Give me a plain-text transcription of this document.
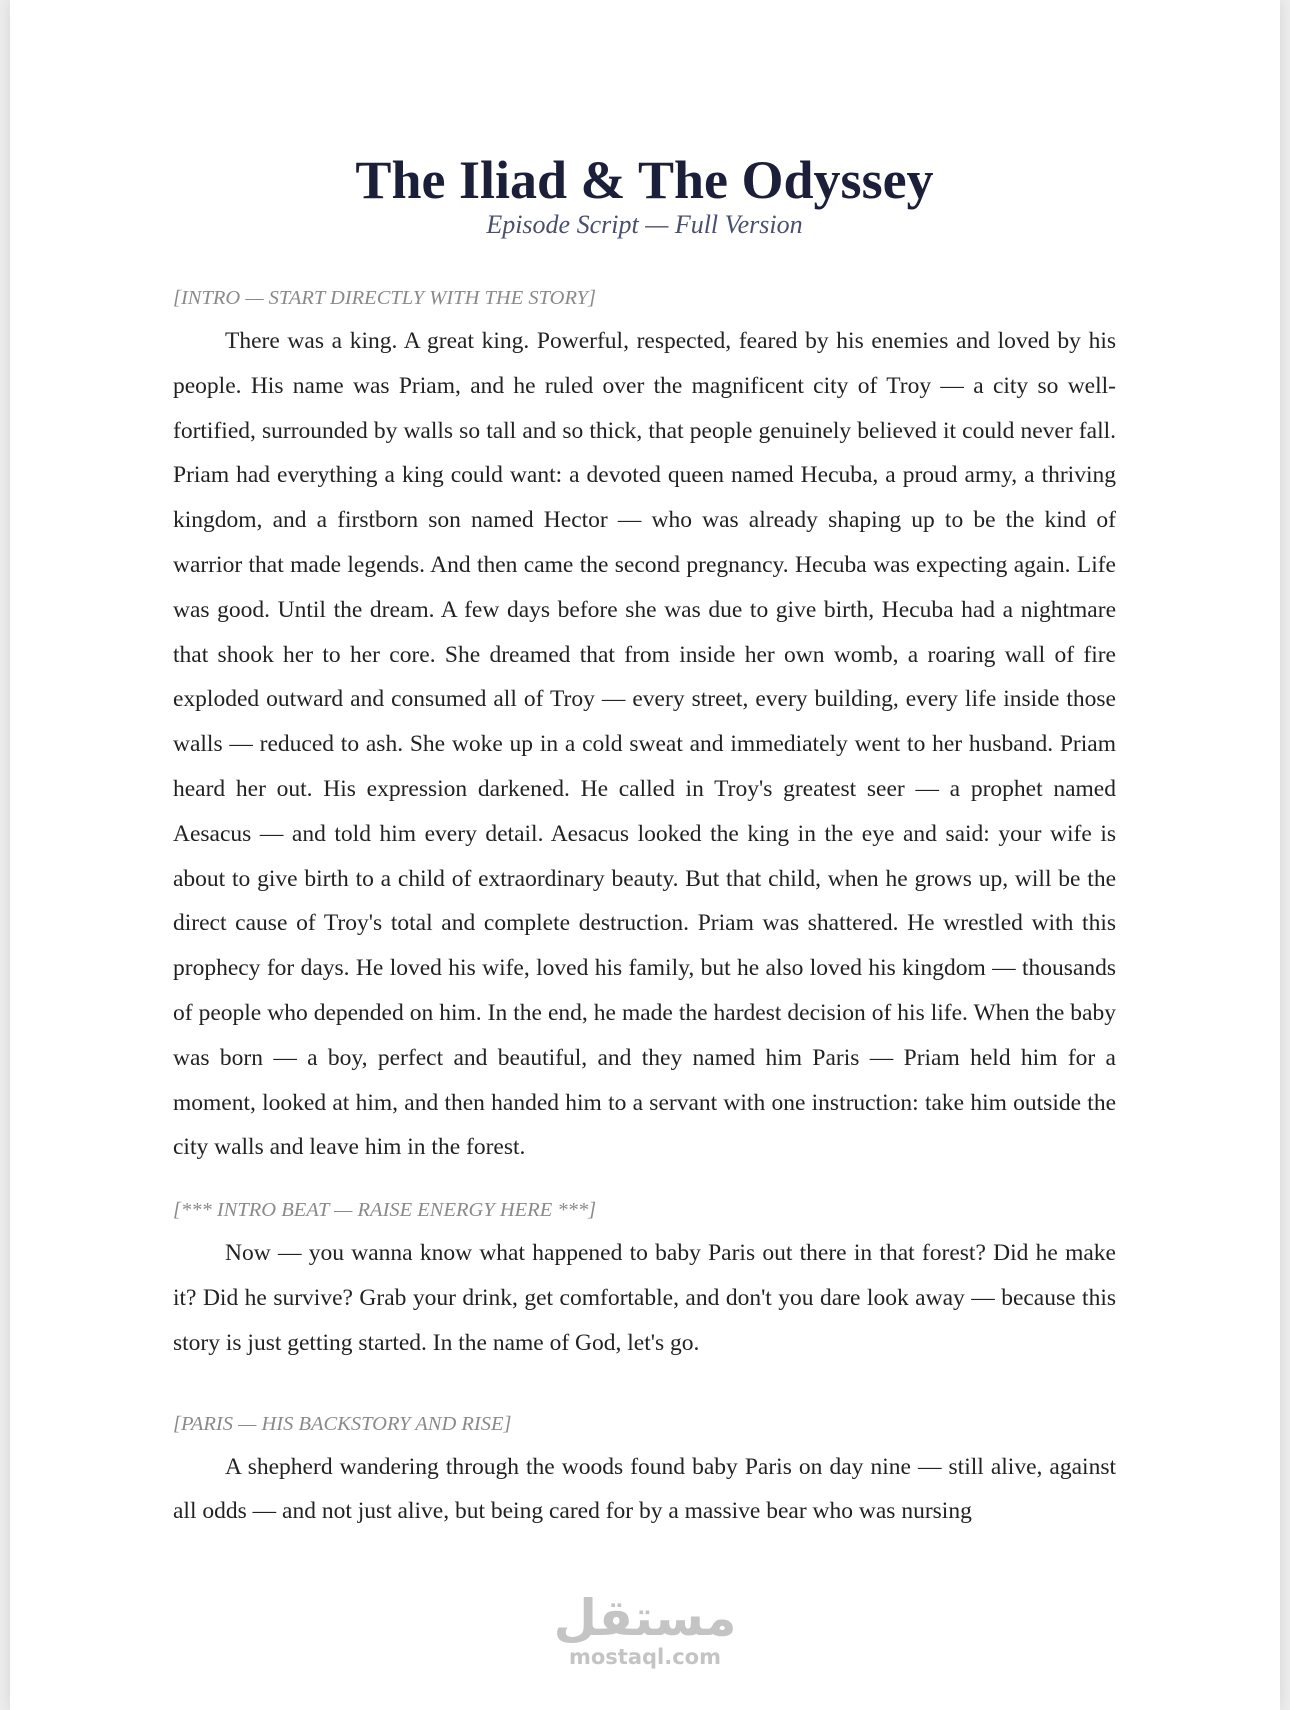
The Iliad & The Odyssey

Episode Script — Full Version

[INTRO — START DIRECTLY WITH THE STORY]

There was a king. A great king. Powerful, respected, feared by his enemies and loved by his people. His name was Priam, and he ruled over the magnificent city of Troy — a city so well-fortified, surrounded by walls so tall and so thick, that people genuinely believed it could never fall. Priam had everything a king could want: a devoted queen named Hecuba, a proud army, a thriving kingdom, and a firstborn son named Hector — who was already shaping up to be the kind of warrior that made legends. And then came the second pregnancy. Hecuba was expecting again. Life was good. Until the dream. A few days before she was due to give birth, Hecuba had a nightmare that shook her to her core. She dreamed that from inside her own womb, a roaring wall of fire exploded outward and consumed all of Troy — every street, every building, every life inside those walls — reduced to ash. She woke up in a cold sweat and immediately went to her husband. Priam heard her out. His expression darkened. He called in Troy's greatest seer — a prophet named Aesacus — and told him every detail. Aesacus looked the king in the eye and said: your wife is about to give birth to a child of extraordinary beauty. But that child, when he grows up, will be the direct cause of Troy's total and complete destruction. Priam was shattered. He wrestled with this prophecy for days. He loved his wife, loved his family, but he also loved his kingdom — thousands of people who depended on him. In the end, he made the hardest decision of his life. When the baby was born — a boy, perfect and beautiful, and they named him Paris — Priam held him for a moment, looked at him, and then handed him to a servant with one instruction: take him outside the city walls and leave him in the forest.

[*** INTRO BEAT — RAISE ENERGY HERE ***]

Now — you wanna know what happened to baby Paris out there in that forest? Did he make it? Did he survive? Grab your drink, get comfortable, and don't you dare look away — because this story is just getting started. In the name of God, let's go.

[PARIS — HIS BACKSTORY AND RISE]

A shepherd wandering through the woods found baby Paris on day nine — still alive, against all odds — and not just alive, but being cared for by a massive bear who was nursing

مستقل
mostaql.com
